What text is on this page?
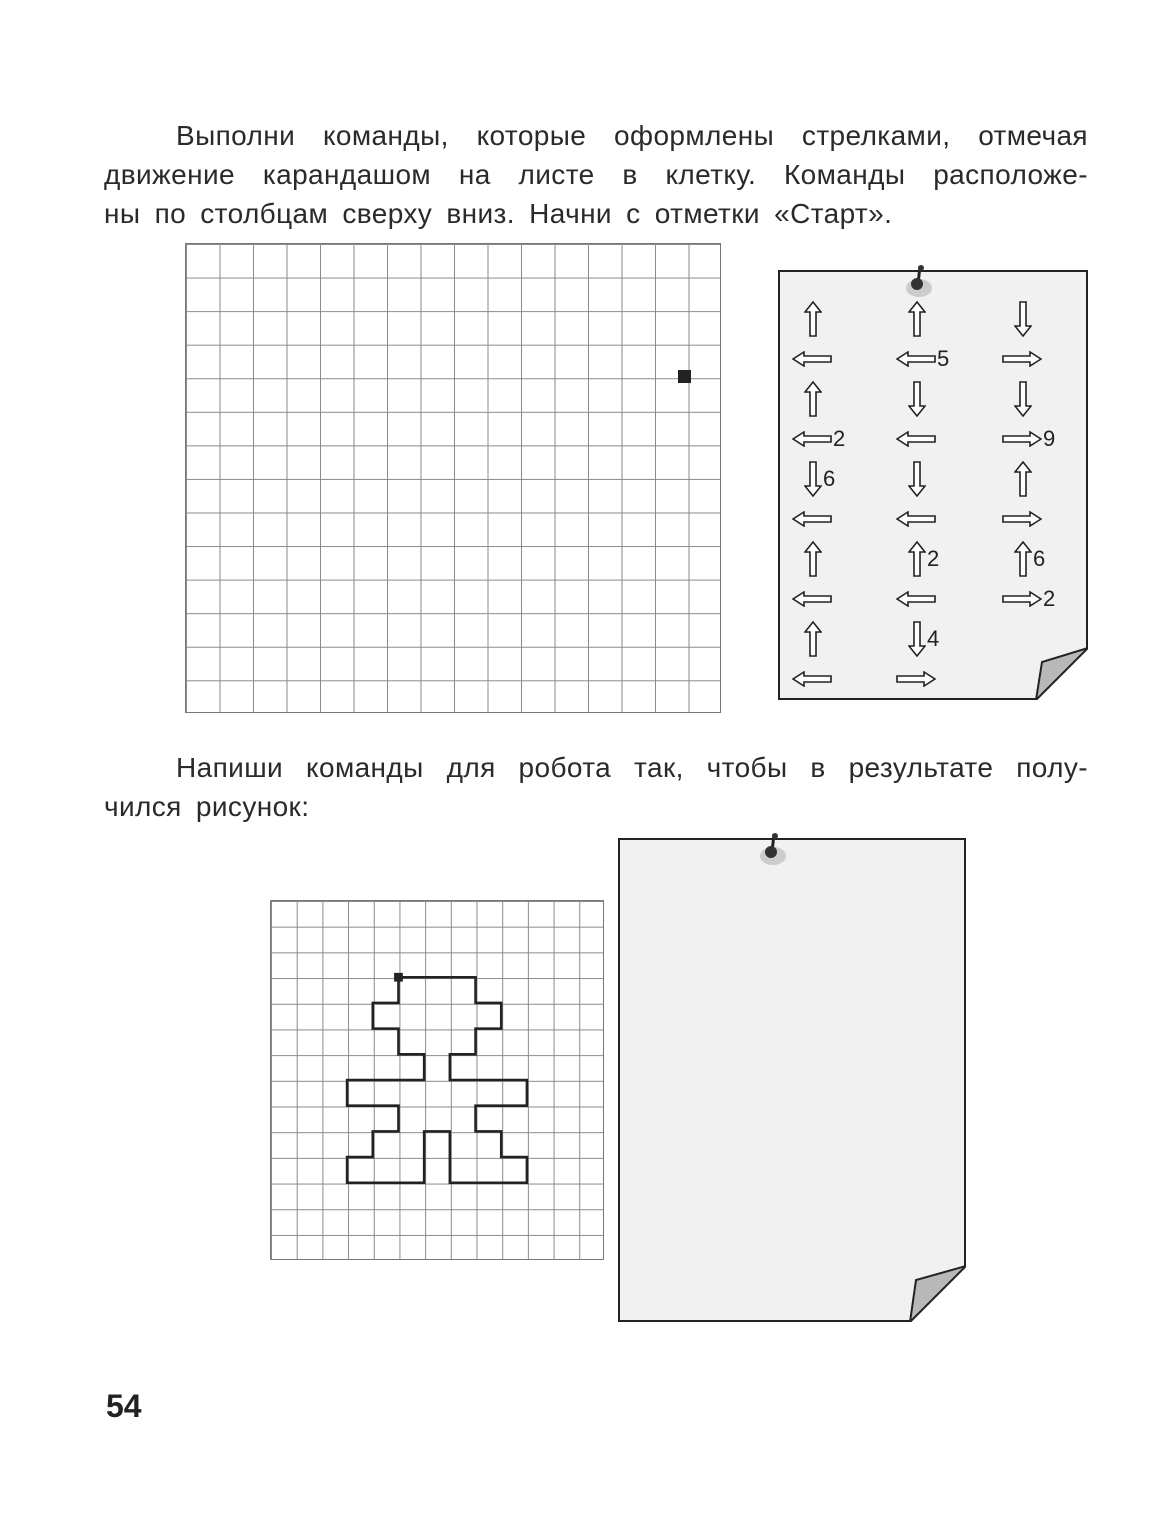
Выполни команды, которые оформлены стрелками, отмечая
движение карандашом на листе в клетку. Команды расположе-
ны по столбцам сверху вниз. Начни с отметки «Старт».

2
6
5
2
4
9
6
2

Напиши команды для робота так, чтобы в результате полу-
чился рисунок:

54
